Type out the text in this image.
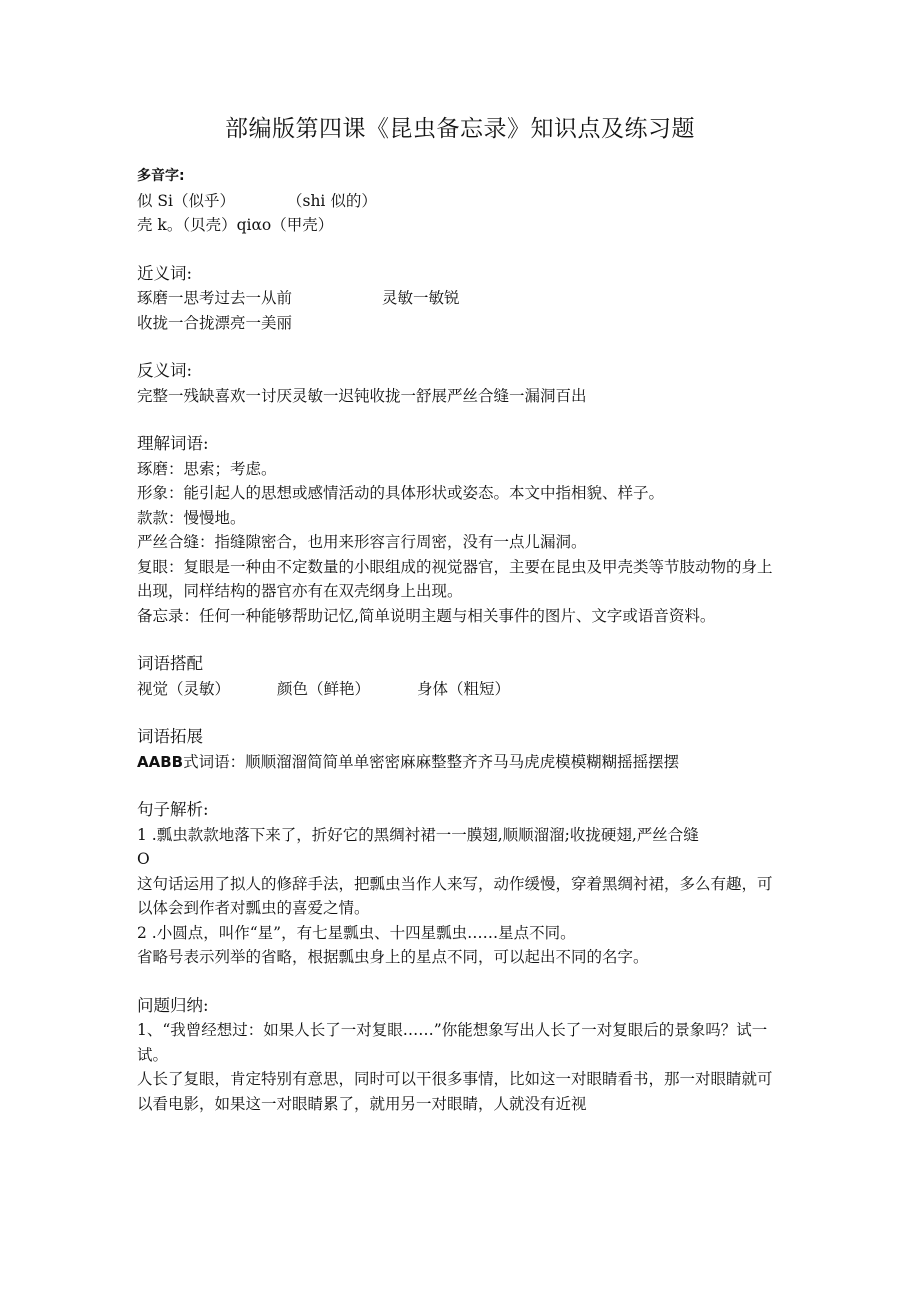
部编版第四课《昆虫备忘录》知识点及练习题
多音字:
似 Si（似乎）	（shi 似的）
壳 k。（贝壳）qiαo（甲壳）
近义词:
琢磨一思考过去一从前	灵敏一敏锐
收拢一合拢漂亮一美丽
反义词:
完整一残缺喜欢一讨厌灵敏一迟钝收拢一舒展严丝合缝一漏洞百出
理解词语:
琢磨：思索；考虑。
形象：能引起人的思想或感情活动的具体形状或姿态。本文中指相貌、样子。
款款：慢慢地。
严丝合缝：指缝隙密合，也用来形容言行周密，没有一点儿漏洞。
复眼：复眼是一种由不定数量的小眼组成的视觉器官，主要在昆虫及甲壳类等节肢动物的身上出现，同样结构的器官亦有在双壳纲身上出现。
备忘录：任何一种能够帮助记忆,简单说明主题与相关事件的图片、文字或语音资料。
词语搭配
视觉（灵敏）	颜色（鲜艳）	身体（粗短）
词语拓展
AABB式词语：顺顺溜溜简简单单密密麻麻整整齐齐马马虎虎模模糊糊摇摇摆摆
句子解析:
1 .瓢虫款款地落下来了，折好它的黑绸衬裙一一膜翅,顺顺溜溜;收拢硬翅,严丝合缝
O
这句话运用了拟人的修辞手法，把瓢虫当作人来写，动作缓慢，穿着黑绸衬裙，多么有趣，可以体会到作者对瓢虫的喜爱之情。
2 .小圆点，叫作“星”，有七星瓢虫、十四星瓢虫……星点不同。
省略号表示列举的省略，根据瓢虫身上的星点不同，可以起出不同的名字。
问题归纳:
1、“我曾经想过：如果人长了一对复眼……”你能想象写出人长了一对复眼后的景象吗？试一试。
人长了复眼，肯定特别有意思，同时可以干很多事情，比如这一对眼睛看书，那一对眼睛就可以看电影，如果这一对眼睛累了，就用另一对眼睛，人就没有近视
